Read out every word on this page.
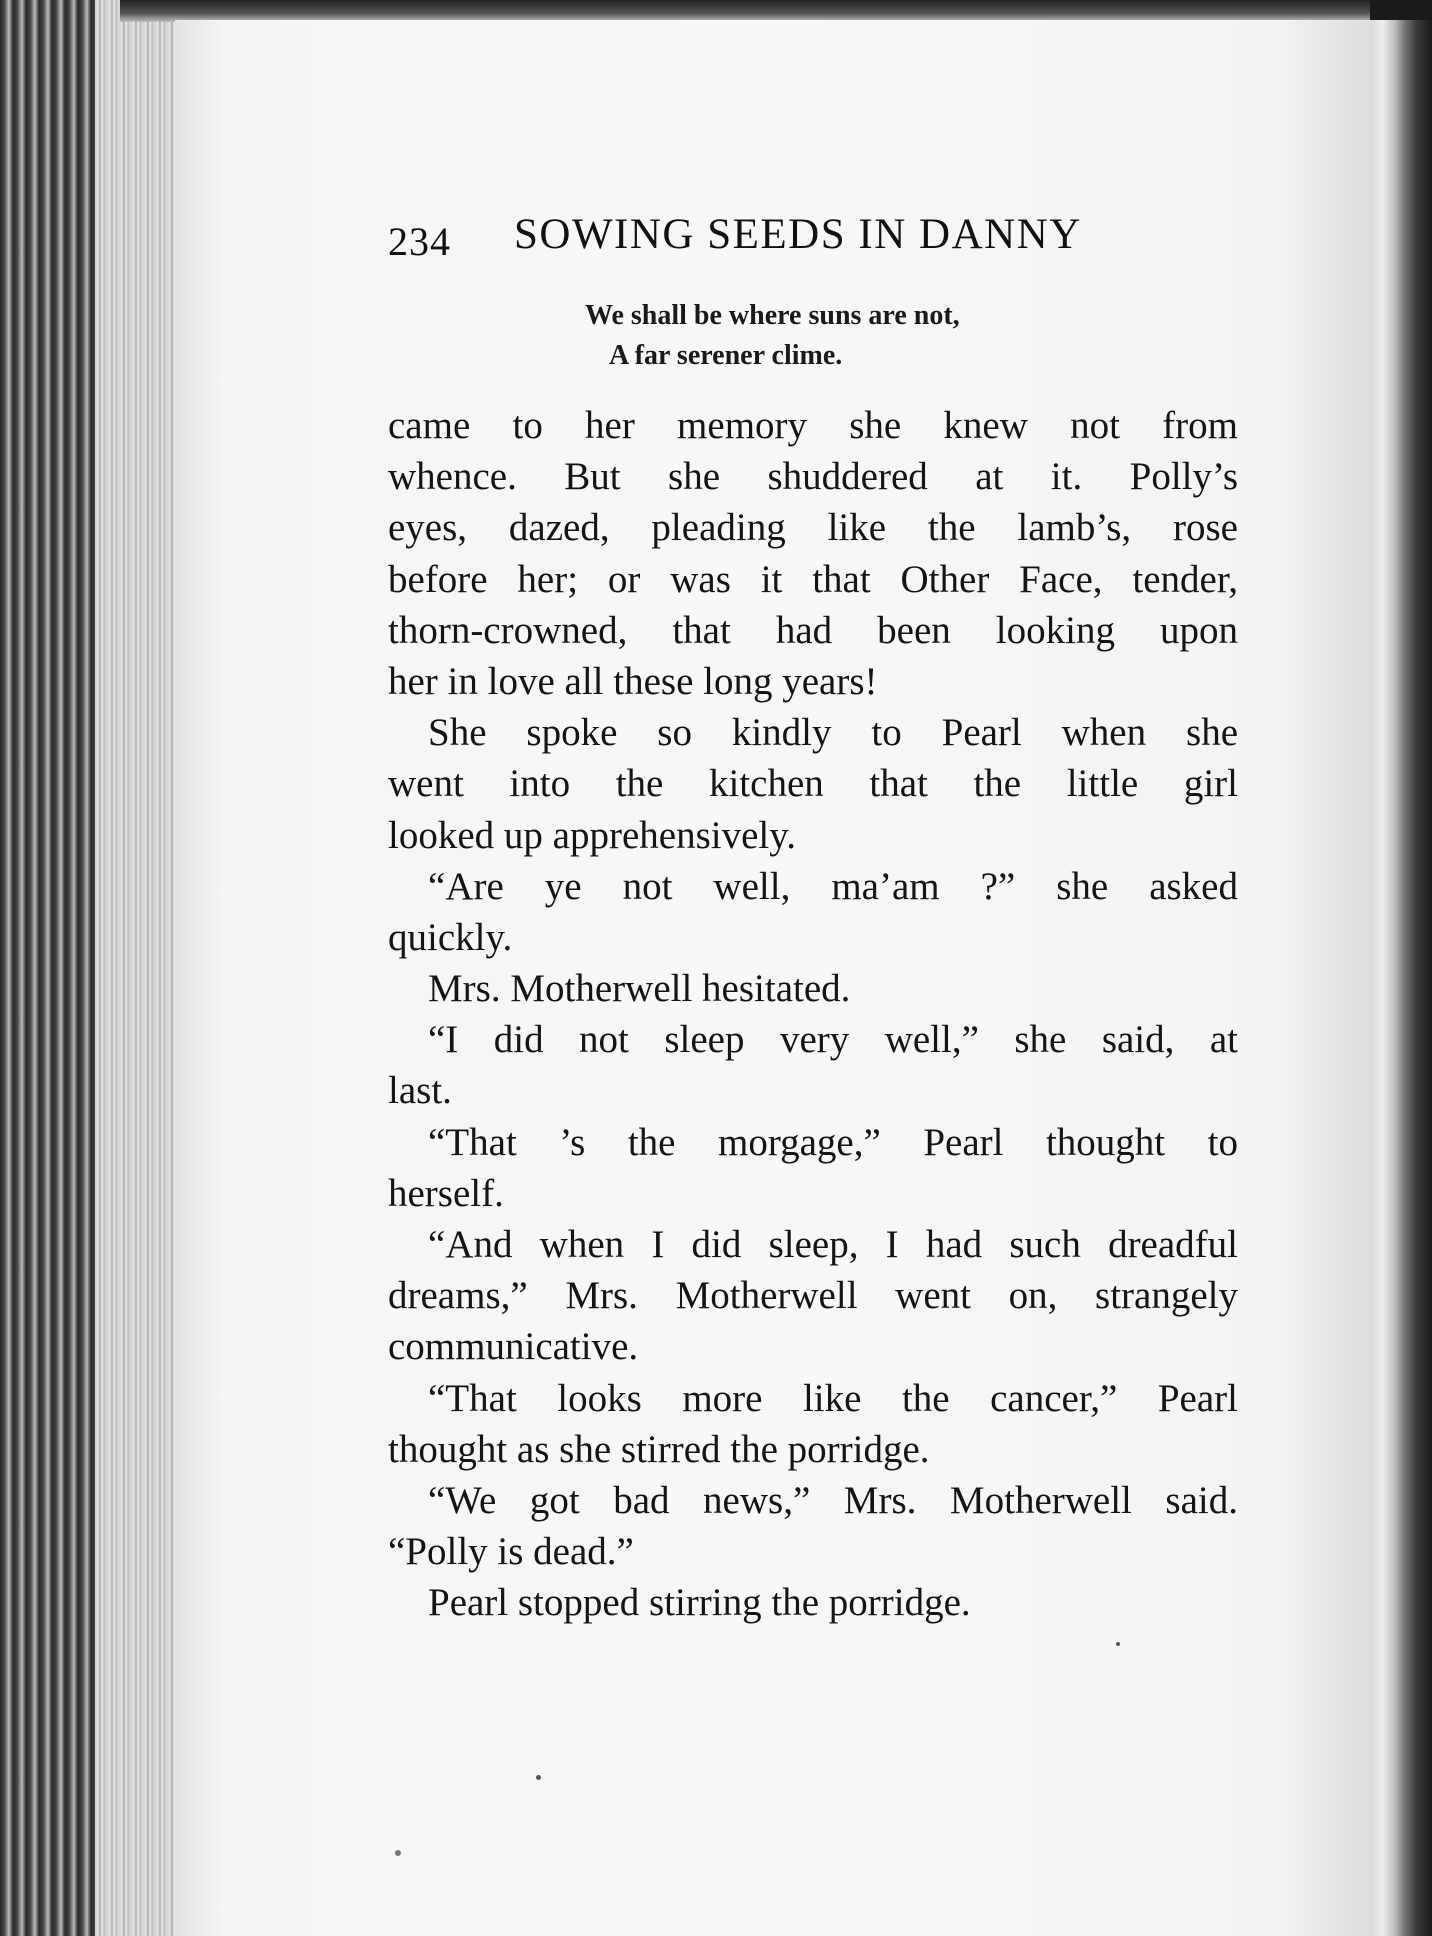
234 SOWING SEEDS IN DANNY
We shall be where suns are not,
A far serener clime.
came to her memory she knew not from
whence. But she shuddered at it. Polly’s
eyes, dazed, pleading like the lamb’s, rose
before her; or was it that Other Face, tender,
thorn-crowned, that had been looking upon
her in love all these long years!
She spoke so kindly to Pearl when she
went into the kitchen that the little girl
looked up apprehensively.
“Are ye not well, ma’am ?” she asked
quickly.
Mrs. Motherwell hesitated.
“I did not sleep very well,” she said, at
last.
“That ’s the morgage,” Pearl thought to
herself.
“And when I did sleep, I had such dreadful
dreams,” Mrs. Motherwell went on, strangely
communicative.
“That looks more like the cancer,” Pearl
thought as she stirred the porridge.
“We got bad news,” Mrs. Motherwell said.
“Polly is dead.”
Pearl stopped stirring the porridge.
